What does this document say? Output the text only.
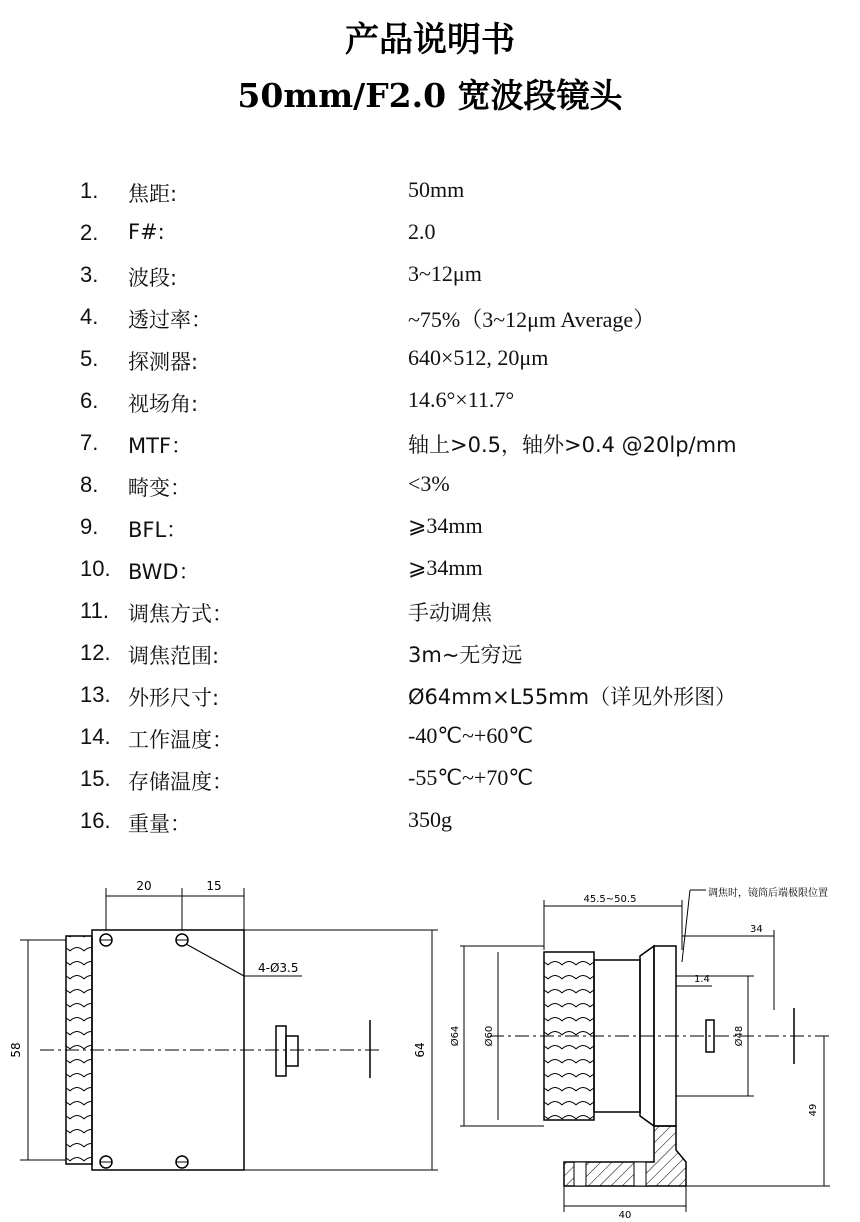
产品说明书
50mm/F2.0 宽波段镜头
1. 焦距:	50mm
2. F#:	2.0
3. 波段:	3~12μm
4. 透过率：	~75%（3~12μm Average）
5. 探测器:	640×512, 20μm
6. 视场角:	14.6°×11.7°
7. MTF：	轴上>0.5，轴外>0.4 @20lp/mm
8. 畸变：	<3%
9. BFL：	⩾34mm
10. BWD：	⩾34mm
11. 调焦方式：	手动调焦
12. 调焦范围:	3m~无穷远
13. 外形尺寸:	Ø64mm×L55mm（详见外形图）
14. 工作温度：	-40℃~+60℃
15. 存储温度：	-55℃~+70℃
16. 重量：	350g
20	15
4-Ø3.5
58	64
调焦时，镜筒后端极限位置
45.5~50.5
34
1.4
Ø64 Ø60	Ø48
49
40
